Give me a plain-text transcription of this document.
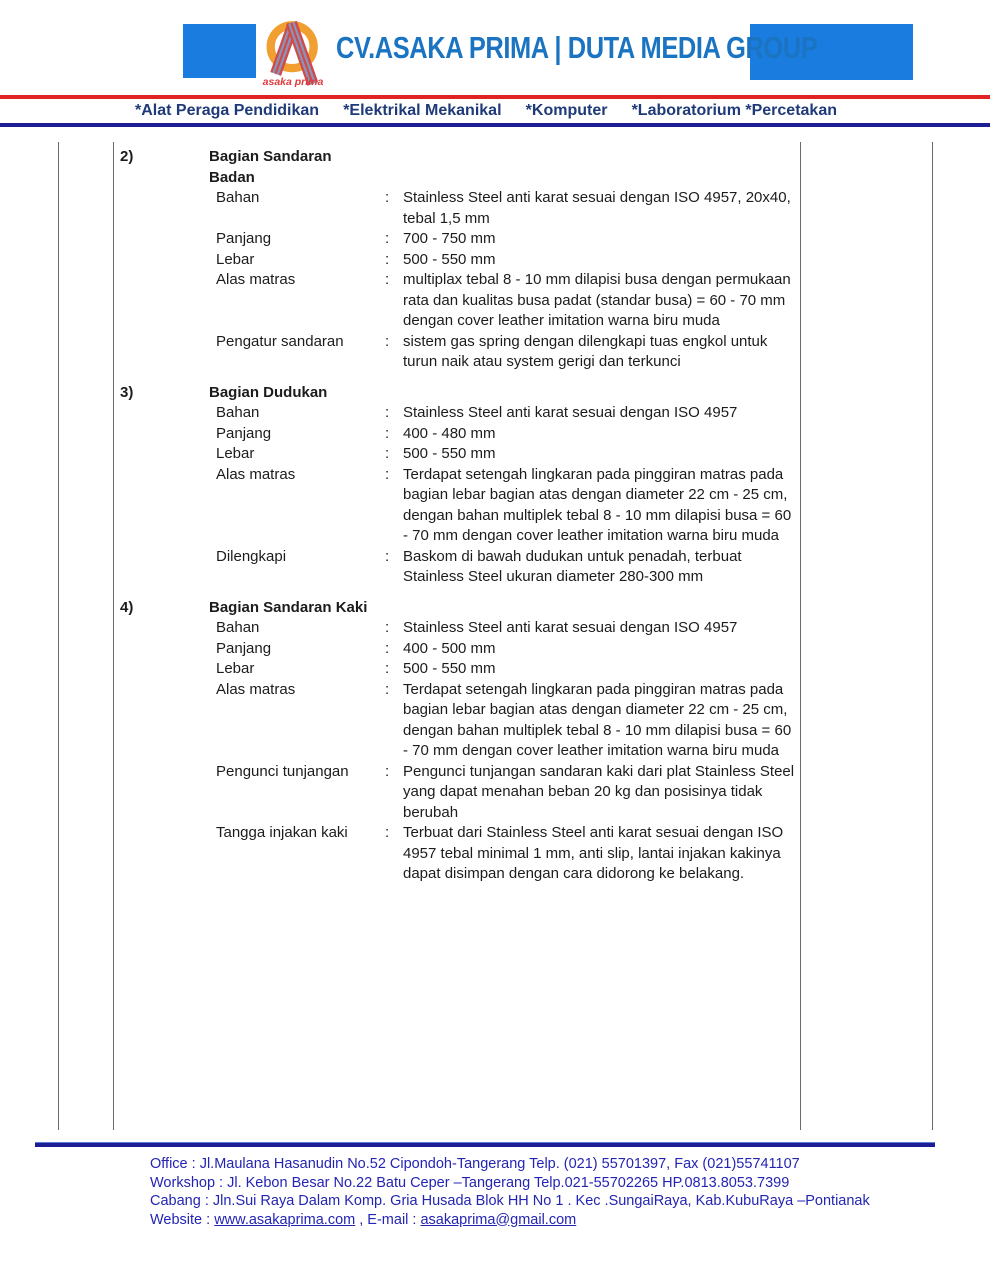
asaka prima
CV.ASAKA PRIMA | DUTA MEDIA GROUP
*Alat Peraga Pendidikan *Elektrikal Mekanikal *Komputer *Laboratorium *Percetakan
2)	Bagian Sandaran Badan
Bahan	: Stainless Steel anti karat sesuai dengan ISO 4957, 20x40, tebal 1,5 mm
Panjang	: 700 - 750 mm
Lebar	: 500 - 550 mm
Alas matras	: multiplax tebal 8 - 10 mm dilapisi busa dengan permukaan rata dan kualitas busa padat (standar busa) = 60 - 70 mm dengan cover leather imitation warna biru muda
Pengatur sandaran	: sistem gas spring dengan dilengkapi tuas engkol untuk turun naik atau system gerigi dan terkunci
3)	Bagian Dudukan
Bahan	: Stainless Steel anti karat sesuai dengan ISO 4957
Panjang	: 400 - 480 mm
Lebar	: 500 - 550 mm
Alas matras	: Terdapat setengah lingkaran pada pinggiran matras pada bagian lebar bagian atas dengan diameter 22 cm - 25 cm, dengan bahan multiplek tebal 8 - 10 mm dilapisi busa = 60 - 70 mm dengan cover leather imitation warna biru muda
Dilengkapi	: Baskom di bawah dudukan untuk penadah, terbuat Stainless Steel ukuran diameter 280-300 mm
4)	Bagian Sandaran Kaki
Bahan	: Stainless Steel anti karat sesuai dengan ISO 4957
Panjang	: 400 - 500 mm
Lebar	: 500 - 550 mm
Alas matras	: Terdapat setengah lingkaran pada pinggiran matras pada bagian lebar bagian atas dengan diameter 22 cm - 25 cm, dengan bahan multiplek tebal 8 - 10 mm dilapisi busa = 60 - 70 mm dengan cover leather imitation warna biru muda
Pengunci tunjangan	: Pengunci tunjangan sandaran kaki dari plat Stainless Steel yang dapat menahan beban 20 kg dan posisinya tidak berubah
Tangga injakan kaki	: Terbuat dari Stainless Steel anti karat sesuai dengan ISO 4957 tebal minimal 1 mm, anti slip, lantai injakan kakinya dapat disimpan dengan cara didorong ke belakang.
Office : Jl.Maulana Hasanudin No.52 Cipondoh-Tangerang Telp. (021) 55701397, Fax (021)55741107
Workshop : Jl. Kebon Besar No.22 Batu Ceper –Tangerang Telp.021-55702265 HP.0813.8053.7399
Cabang : Jln.Sui Raya Dalam Komp. Gria Husada Blok HH No 1 . Kec .SungaiRaya, Kab.KubuRaya –Pontianak
Website : www.asakaprima.com , E-mail : asakaprima@gmail.com
